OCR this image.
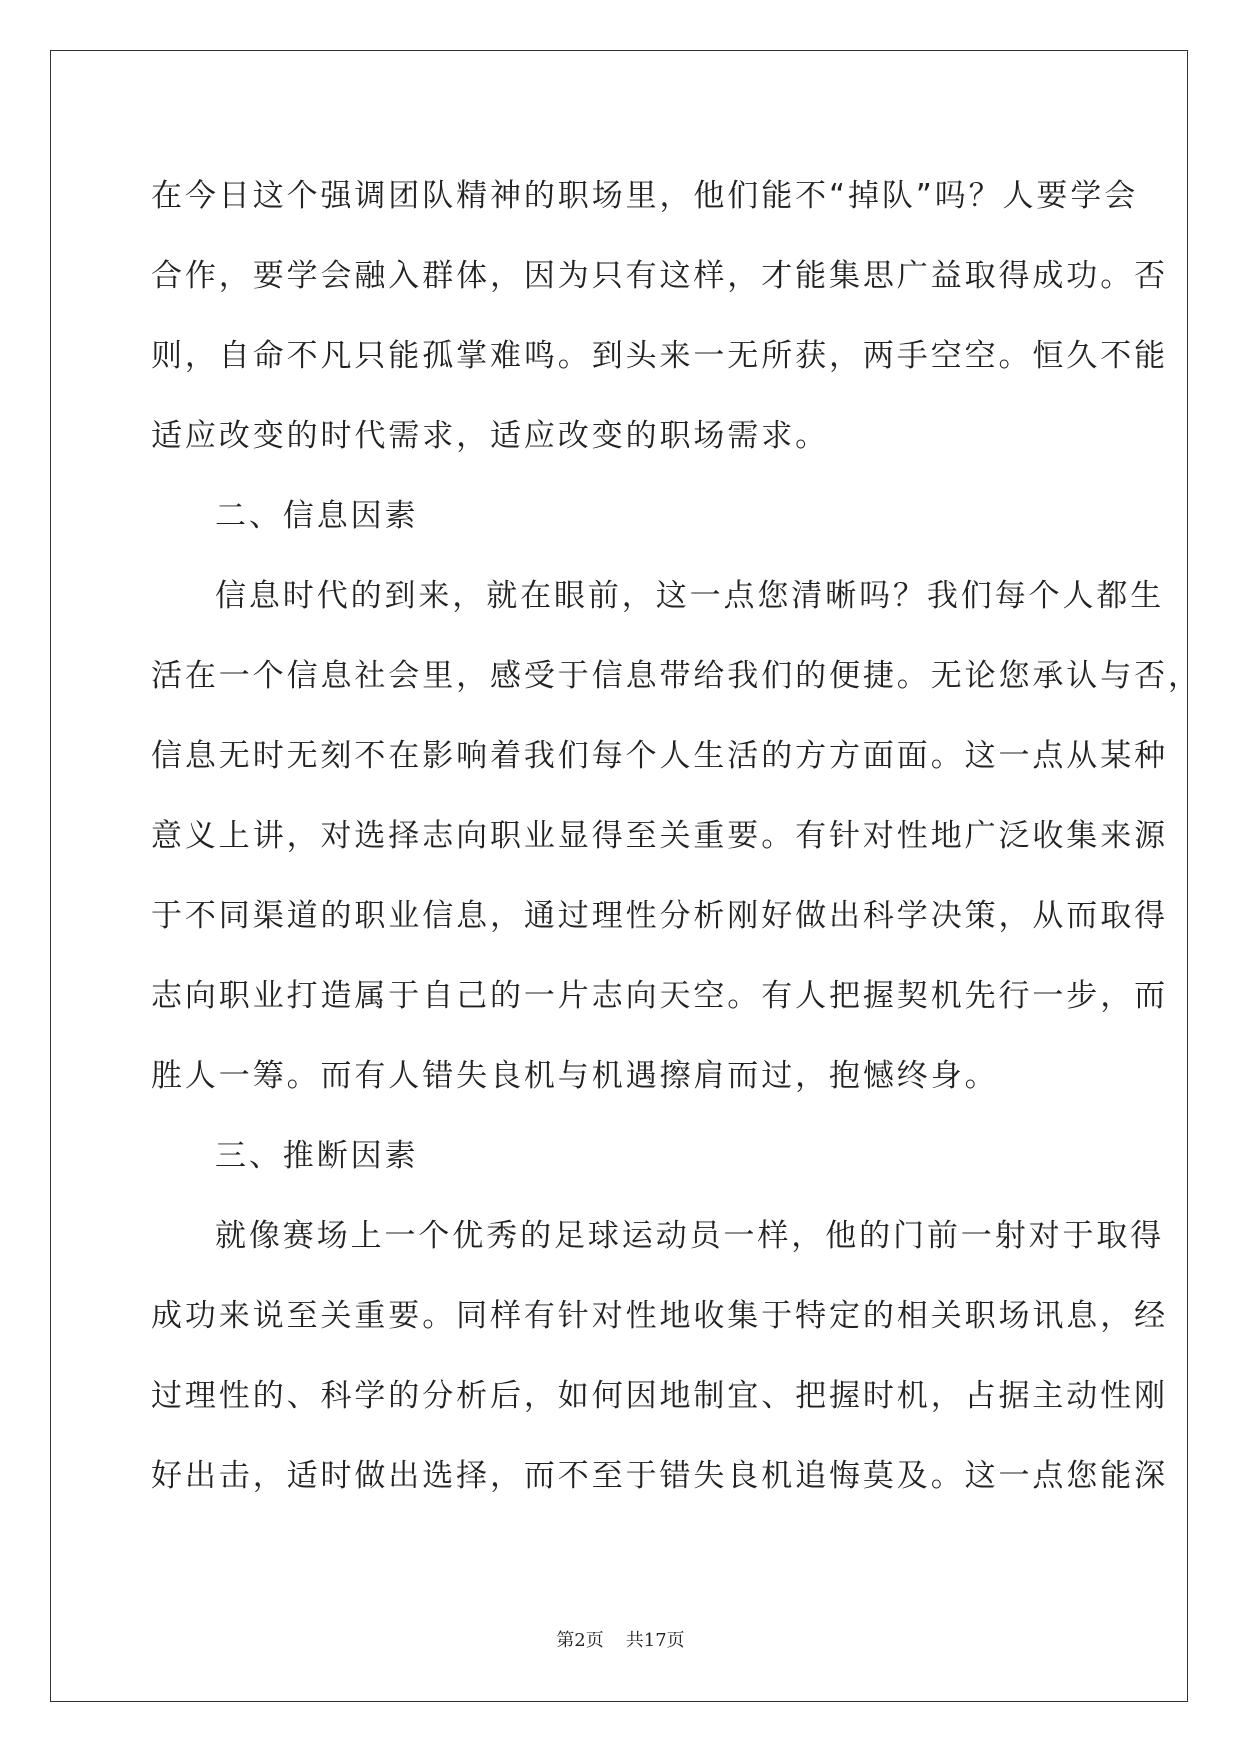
在今日这个强调团队精神的职场里，他们能不“掉队”吗？人要学会
合作，要学会融入群体，因为只有这样，才能集思广益取得成功。否
则，自命不凡只能孤掌难鸣。到头来一无所获，两手空空。恒久不能
适应改变的时代需求，适应改变的职场需求。
二、信息因素
信息时代的到来，就在眼前，这一点您清晰吗？我们每个人都生
活在一个信息社会里，感受于信息带给我们的便捷。无论您承认与否，
信息无时无刻不在影响着我们每个人生活的方方面面。这一点从某种
意义上讲，对选择志向职业显得至关重要。有针对性地广泛收集来源
于不同渠道的职业信息，通过理性分析刚好做出科学决策，从而取得
志向职业打造属于自己的一片志向天空。有人把握契机先行一步，而
胜人一筹。而有人错失良机与机遇擦肩而过，抱憾终身。
三、推断因素
就像赛场上一个优秀的足球运动员一样，他的门前一射对于取得
成功来说至关重要。同样有针对性地收集于特定的相关职场讯息，经
过理性的、科学的分析后，如何因地制宜、把握时机，占据主动性刚
好出击，适时做出选择，而不至于错失良机追悔莫及。这一点您能深
第2页 共17页
